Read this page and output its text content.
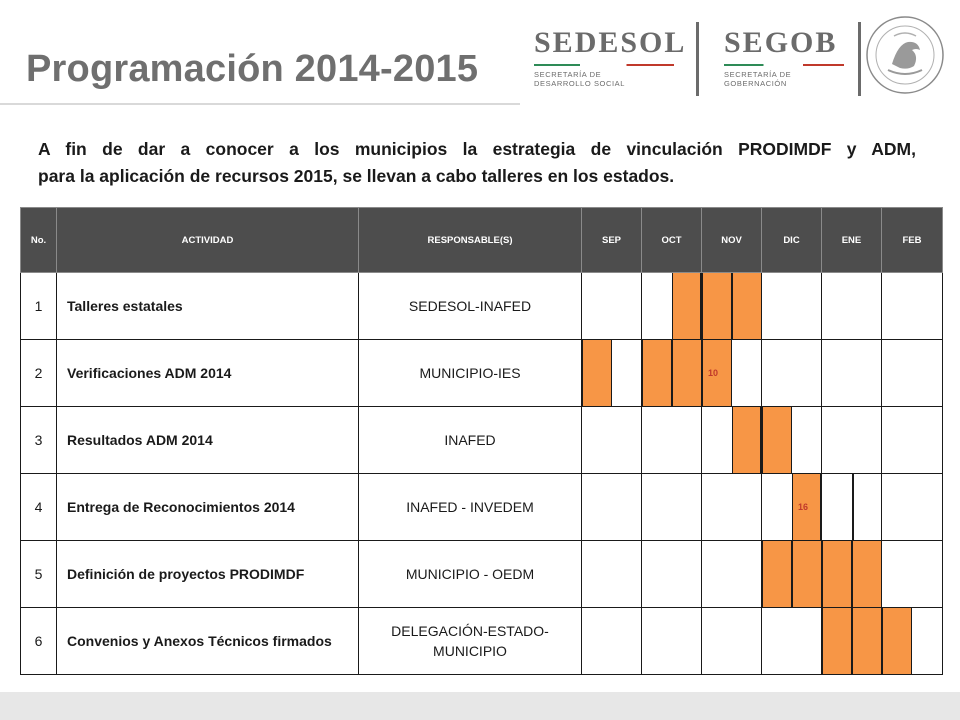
Programación 2014-2015
SEDESOL
SECRETARÍA DE
DESARROLLO SOCIAL
SEGOB
SECRETARÍA DE
GOBERNACIÓN

A fin de dar a conocer a los municipios la estrategia de vinculación PRODIMDF y ADM,
para la aplicación de recursos 2015, se llevan a cabo talleres en los estados.

No.	ACTIVIDAD	RESPONSABLE(S)	SEP	OCT	NOV	DIC	ENE	FEB
1	Talleres estatales	SEDESOL-INAFED		

2	Verificaciones ADM 2014	MUNICIPIO-IES			10			

3	Resultados ADM 2014	INAFED			

4	Entrega de Reconocimientos 2014	INAFED - INVEDEM				16		

5	Definición de proyectos PRODIMDF	MUNICIPIO - OEDM				

6	Convenios y Anexos Técnicos firmados	DELEGACIÓN-ESTADO-MUNICIPIO					
